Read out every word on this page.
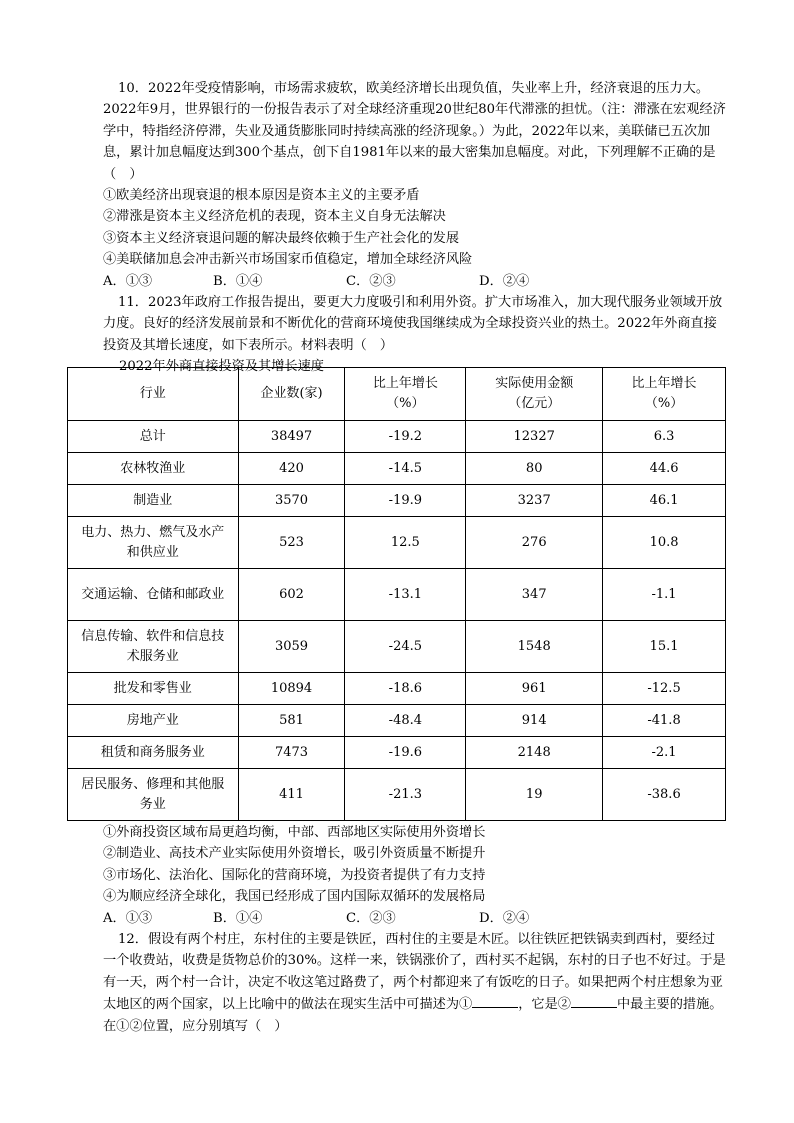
10．2022年受疫情影响，市场需求疲软，欧美经济增长出现负值，失业率上升，经济衰退的压力大。2022年9月，世界银行的一份报告表示了对全球经济重现20世纪80年代滞涨的担忧。（注：滞涨在宏观经济学中，特指经济停滞，失业及通货膨胀同时持续高涨的经济现象。）为此，2022年以来，美联储已五次加息，累计加息幅度达到300个基点，创下自1981年以来的最大密集加息幅度。对此，下列理解不正确的是（　）

①欧美经济出现衰退的根本原因是资本主义的主要矛盾

②滞涨是资本主义经济危机的表现，资本主义自身无法解决

③资本主义经济衰退问题的解决最终依赖于生产社会化的发展

④美联储加息会冲击新兴市场国家币值稳定，增加全球经济风险

A．①③	B．①④	C．②③	D．②④

11．2023年政府工作报告提出，要更大力度吸引和利用外资。扩大市场准入，加大现代服务业领域开放力度。良好的经济发展前景和不断优化的营商环境使我国继续成为全球投资兴业的热土。2022年外商直接投资及其增长速度，如下表所示。材料表明（　）

2022年外商直接投资及其增长速度

行业	企业数(家)	比上年增长（%）	实际使用金额（亿元）	比上年增长（%）
总计	38497	-19.2	12327	6.3
农林牧渔业	420	-14.5	80	44.6
制造业	3570	-19.9	3237	46.1
电力、热力、燃气及水产和供应业	523	12.5	276	10.8
交通运输、仓储和邮政业	602	-13.1	347	-1.1
信息传输、软件和信息技术服务业	3059	-24.5	1548	15.1
批发和零售业	10894	-18.6	961	-12.5
房地产业	581	-48.4	914	-41.8
租赁和商务服务业	7473	-19.6	2148	-2.1
居民服务、修理和其他服务业	411	-21.3	19	-38.6

①外商投资区域布局更趋均衡，中部、西部地区实际使用外资增长

②制造业、高技术产业实际使用外资增长，吸引外资质量不断提升

③市场化、法治化、国际化的营商环境，为投资者提供了有力支持

④为顺应经济全球化，我国已经形成了国内国际双循环的发展格局

A．①③	B．①④	C．②③	D．②④

12．假设有两个村庄，东村住的主要是铁匠，西村住的主要是木匠。以往铁匠把铁锅卖到西村，要经过一个收费站，收费是货物总价的30%。这样一来，铁锅涨价了，西村买不起锅，东村的日子也不好过。于是有一天，两个村一合计，决定不收这笔过路费了，两个村都迎来了有饭吃的日子。如果把两个村庄想象为亚太地区的两个国家，以上比喻中的做法在现实生活中可描述为①	，它是②	中最主要的措施。在①②位置，应分别填写（　）
